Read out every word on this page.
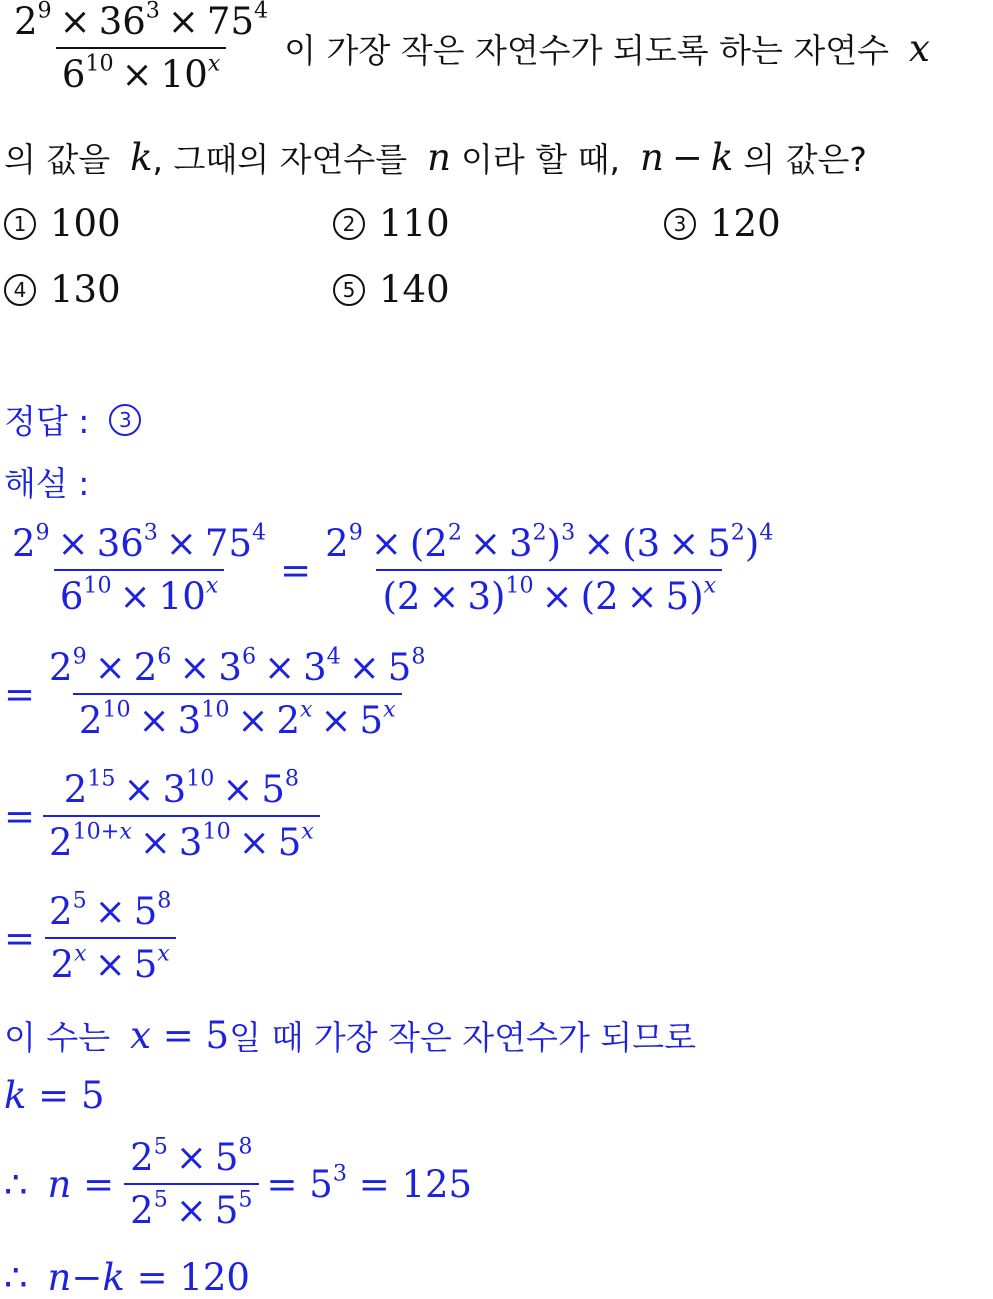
$\frac{2^9 \times 36^3 \times 75^4}{6^{10} \times 10^x}$ 이 가장 작은 자연수가 되도록 하는 자연수 x
의 값을 k , 그때의 자연수를 n 이라 할 때, n − k 의 값은?
1 100	2 110	3 120
4 130	5 140
정답 :	3
해설 :
$\frac{2^9 \times 36^3 \times 75^4}{6^{10} \times 10^x} = \frac{2^9 \times (2^2 \times 3^2)^3 \times (3 \times 5^2)^4}{(2 \times 3)^{10} \times (2 \times 5)^x}$
= $\frac{2^9 \times 2^6 \times 3^6 \times 3^4 \times 5^8}{2^{10} \times 3^{10} \times 2^x \times 5^x}$
= $\frac{2^{15} \times 3^{10} \times 5^8}{2^{10+x} \times 3^{10} \times 5^x}$
= $\frac{2^5 \times 5^8}{2^x \times 5^x}$
이 수는 x = 5 일 때 가장 작은 자연수가 되므로
k = 5
∴ $n = \frac{2^5 \times 5^8}{2^5 \times 5^5} = 5^3 = 125$
∴ n−k = 120
